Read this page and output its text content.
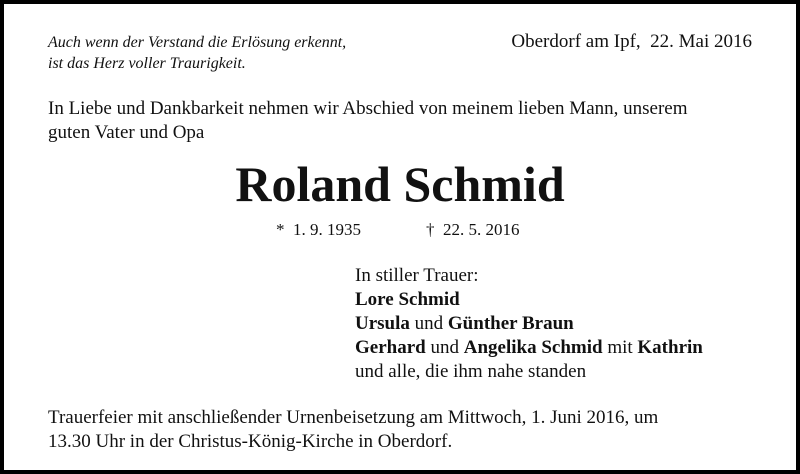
Auch wenn der Verstand die Erlösung erkennt,
ist das Herz voller Traurigkeit.
Oberdorf am Ipf,  22. Mai 2016
In Liebe und Dankbarkeit nehmen wir Abschied von meinem lieben Mann, unserem
guten Vater und Opa
Roland Schmid
*  1. 9. 1935	†  22. 5. 2016
In stiller Trauer:
Lore Schmid
Ursula und Günther Braun
Gerhard und Angelika Schmid mit Kathrin
und alle, die ihm nahe standen
Trauerfeier mit anschließender Urnenbeisetzung am Mittwoch, 1. Juni 2016, um
13.30 Uhr in der Christus-König-Kirche in Oberdorf.
